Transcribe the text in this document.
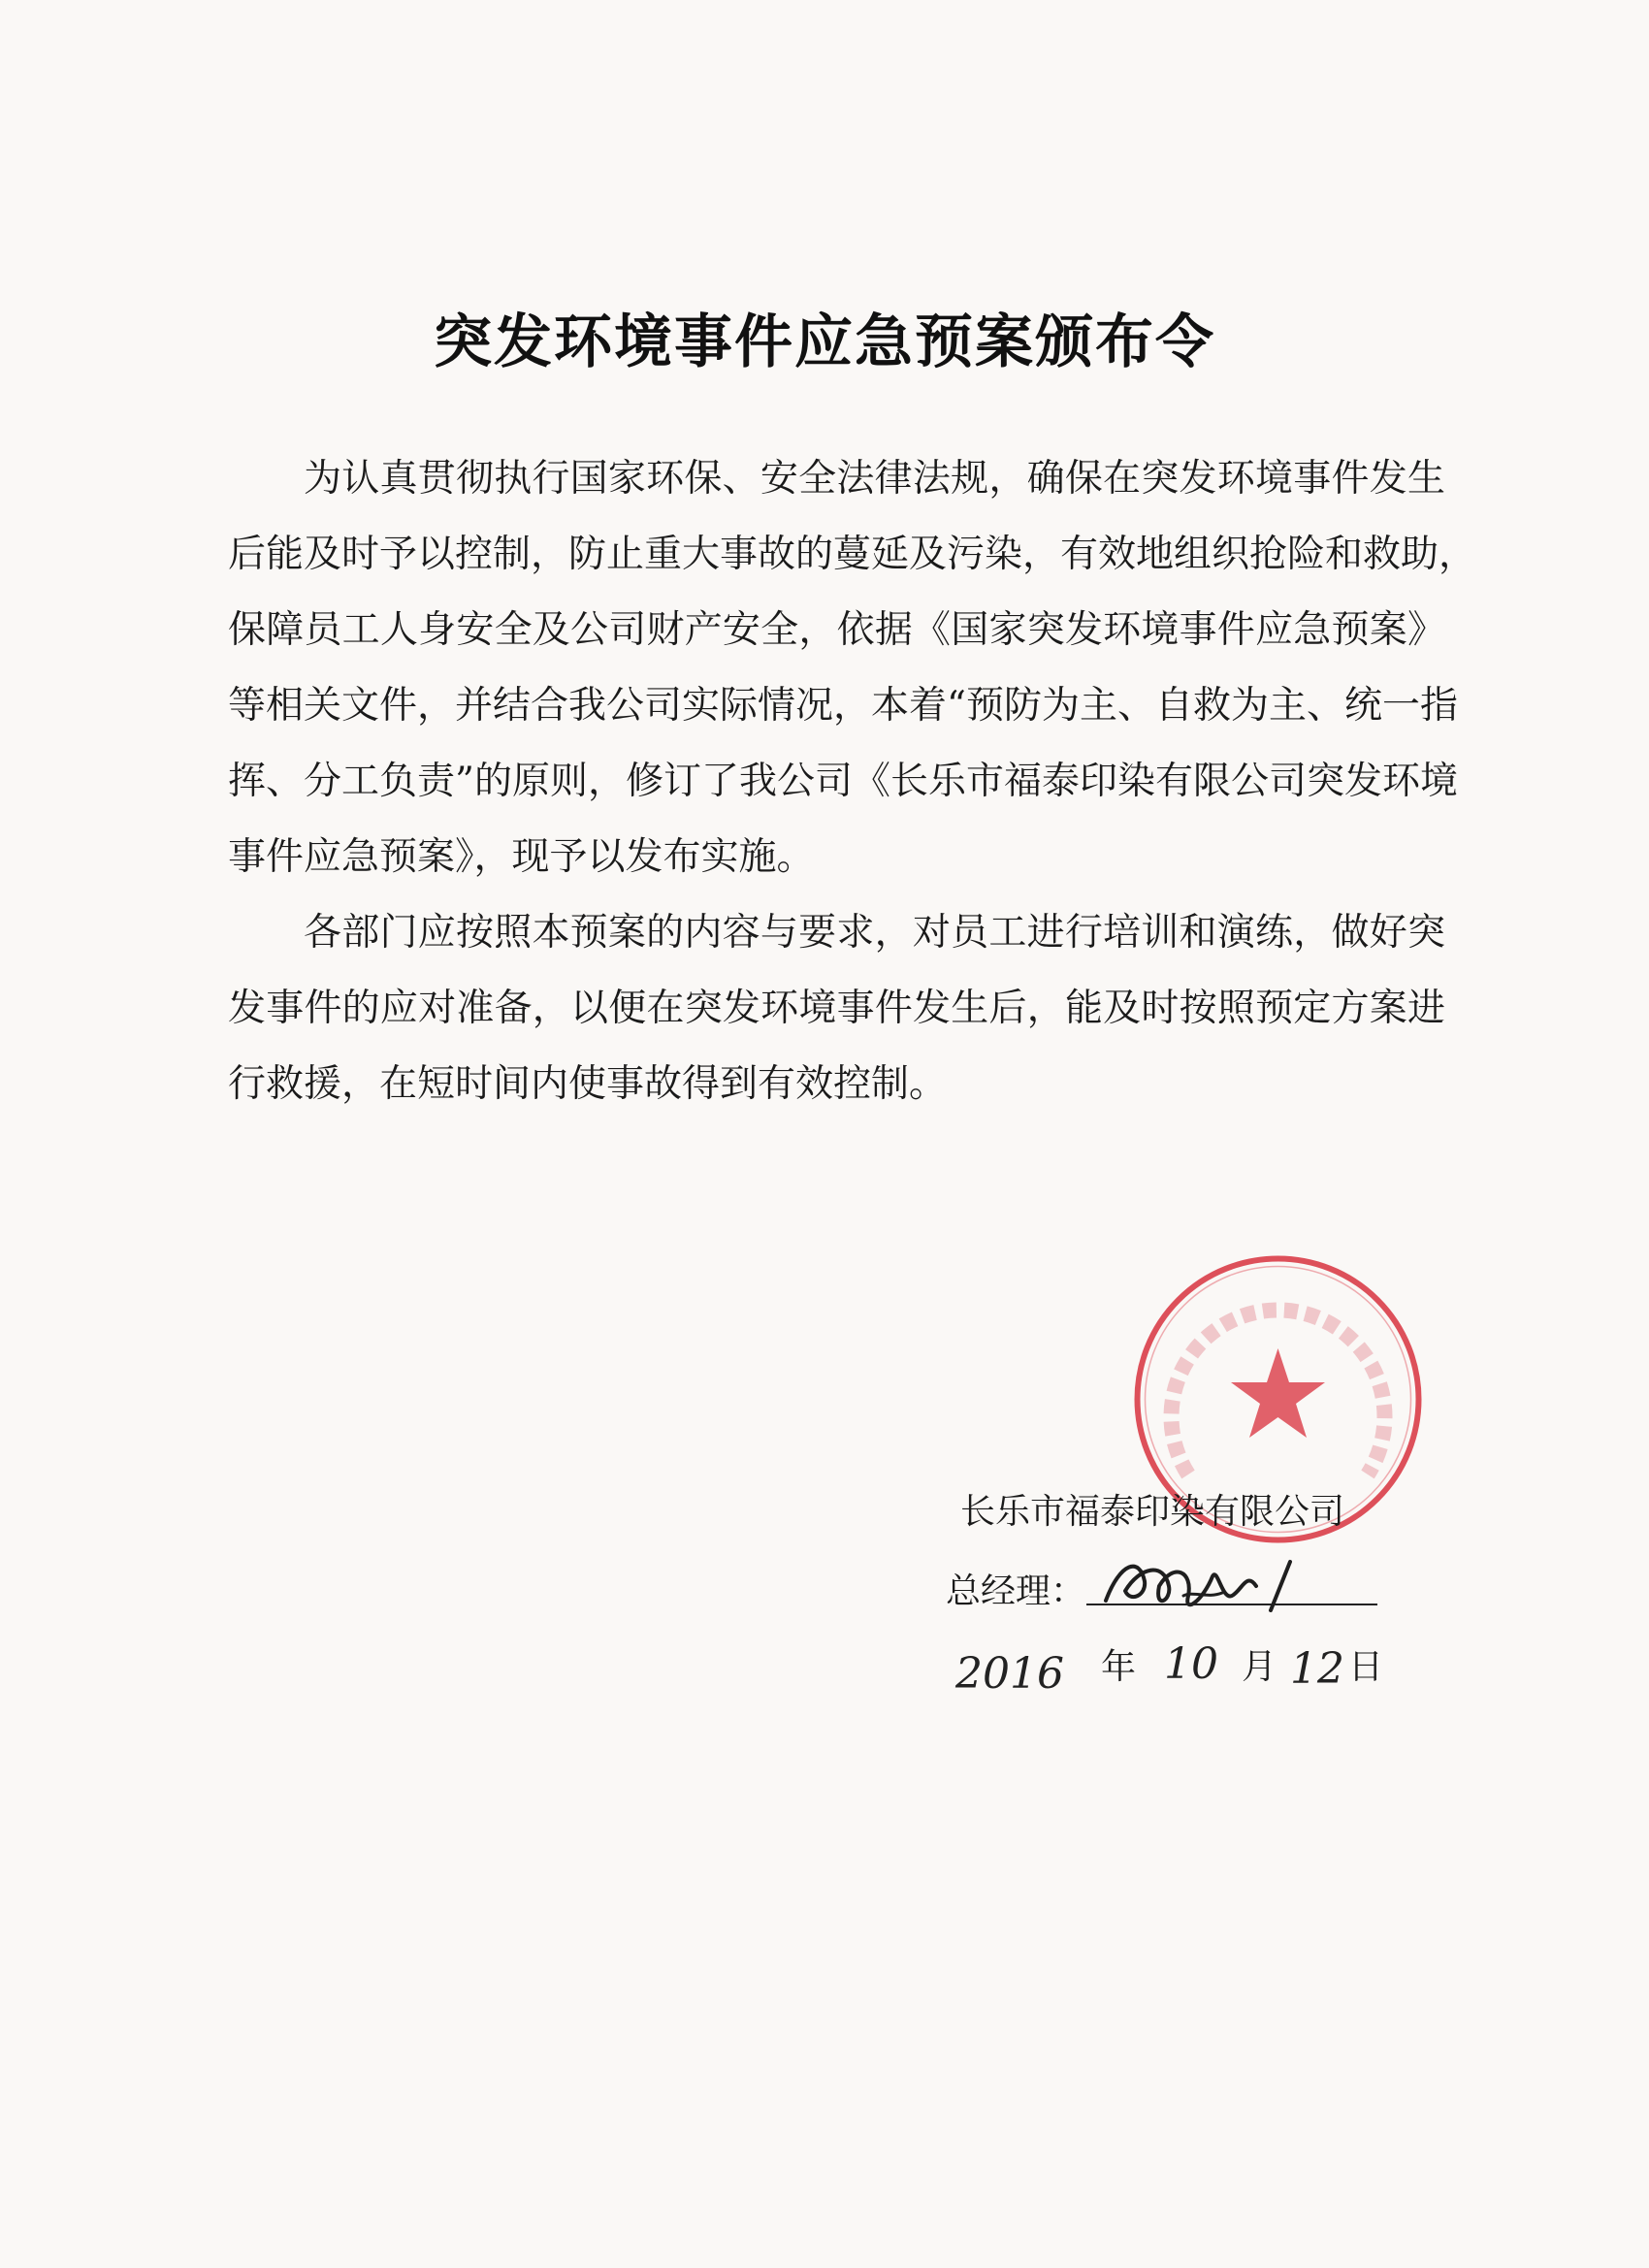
突发环境事件应急预案颁布令
为认真贯彻执行国家环保、安全法律法规，确保在突发环境事件发生
后能及时予以控制，防止重大事故的蔓延及污染，有效地组织抢险和救助，
保障员工人身安全及公司财产安全，依据《国家突发环境事件应急预案》
等相关文件，并结合我公司实际情况，本着“预防为主、自救为主、统一指
挥、分工负责”的原则，修订了我公司《长乐市福泰印染有限公司突发环境
事件应急预案》，现予以发布实施。
各部门应按照本预案的内容与要求，对员工进行培训和演练，做好突
发事件的应对准备，以便在突发环境事件发生后，能及时按照预定方案进
行救援，在短时间内使事故得到有效控制。
长乐市福泰印染有限公司
总经理：
2016 年 10 月 12 日
